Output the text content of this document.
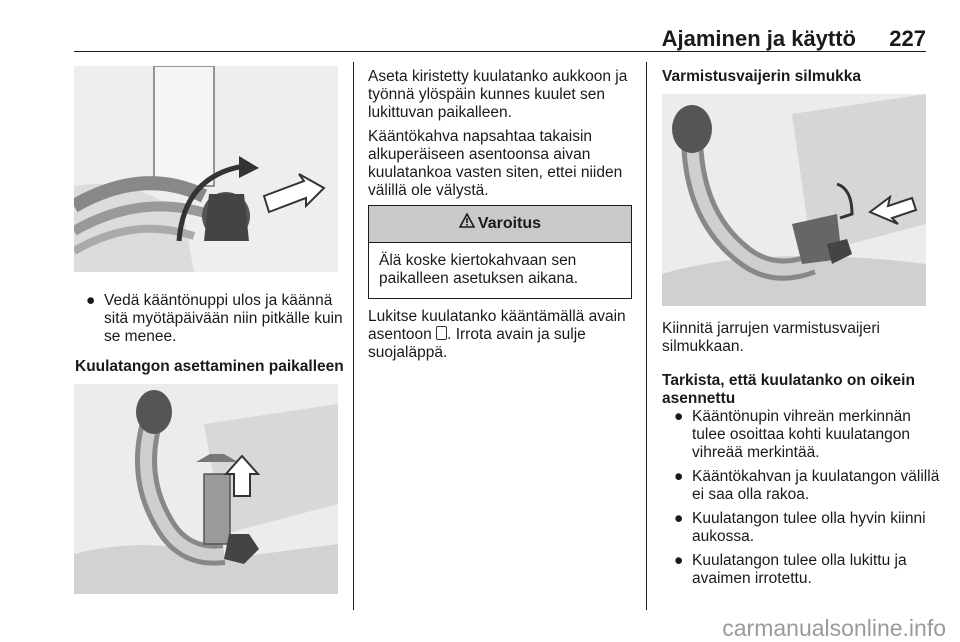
Ajaminen ja käyttö 227
● Vedä kääntönuppi ulos ja käännä sitä myötäpäivään niin pitkälle kuin se menee.
Kuulatangon asettaminen paikalleen
Aseta kiristetty kuulatanko aukkoon ja työnnä ylöspäin kunnes kuulet sen lukittuvan paikalleen.
Kääntökahva napsahtaa takaisin alkuperäiseen asentoonsa aivan kuulatankoa vasten siten, ettei niiden välillä ole välystä.
Varoitus
Älä koske kiertokahvaan sen paikalleen asetuksen aikana.
Lukitse kuulatanko kääntämällä avain asentoon . Irrota avain ja sulje suojaläppä.
Varmistusvaijerin silmukka
Kiinnitä jarrujen varmistusvaijeri silmukkaan.
Tarkista, että kuulatanko on oikein asennettu
● Kääntönupin vihreän merkinnän tulee osoittaa kohti kuulatangon vihreää merkintää.
● Kääntökahvan ja kuulatangon välillä ei saa olla rakoa.
● Kuulatangon tulee olla hyvin kiinni aukossa.
● Kuulatangon tulee olla lukittu ja avaimen irrotettu.
carmanualsonline.info
